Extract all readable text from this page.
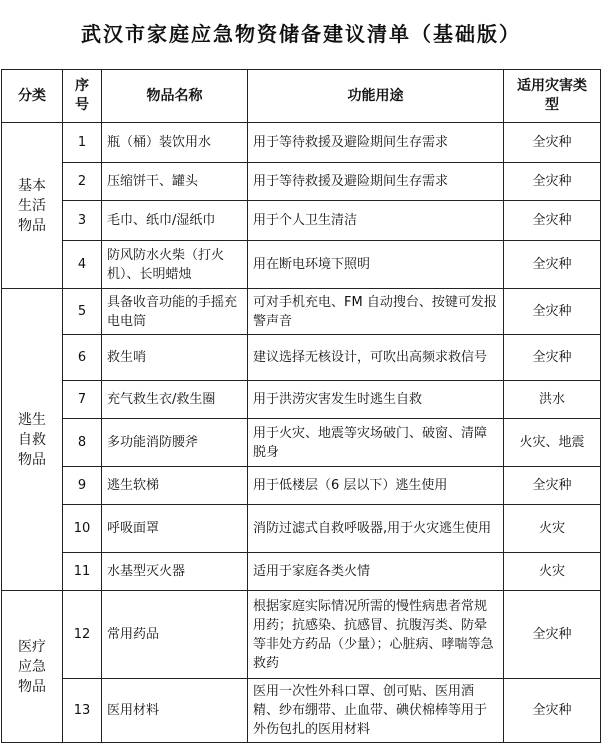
武汉市家庭应急物资储备建议清单（基础版）
分类	序号	物品名称	功能用途	适用灾害类型
基本生活物品	1	瓶（桶）装饮用水	用于等待救援及避险期间生存需求	全灾种
	2	压缩饼干、罐头	用于等待救援及避险期间生存需求	全灾种
	3	毛巾、纸巾/湿纸巾	用于个人卫生清洁	全灾种
	4	防风防水火柴（打火机）、长明蜡烛	用在断电环境下照明	全灾种
逃生自救物品	5	具备收音功能的手摇充电电筒	可对手机充电、FM 自动搜台、按键可发报警声音	全灾种
	6	救生哨	建议选择无核设计，可吹出高频求救信号	全灾种
	7	充气救生衣/救生圈	用于洪涝灾害发生时逃生自救	洪水
	8	多功能消防腰斧	用于火灾、地震等灾场破门、破窗、清障脱身	火灾、地震
	9	逃生软梯	用于低楼层（6 层以下）逃生使用	全灾种
	10	呼吸面罩	消防过滤式自救呼吸器,用于火灾逃生使用	火灾
	11	水基型灭火器	适用于家庭各类火情	火灾
医疗应急物品	12	常用药品	根据家庭实际情况所需的慢性病患者常规用药；抗感染、抗感冒、抗腹泻类、防晕等非处方药品（少量）；心脏病、哮喘等急救药	全灾种
	13	医用材料	医用一次性外科口罩、创可贴、医用酒精、纱布绷带、止血带、碘伏棉棒等用于外伤包扎的医用材料	全灾种
